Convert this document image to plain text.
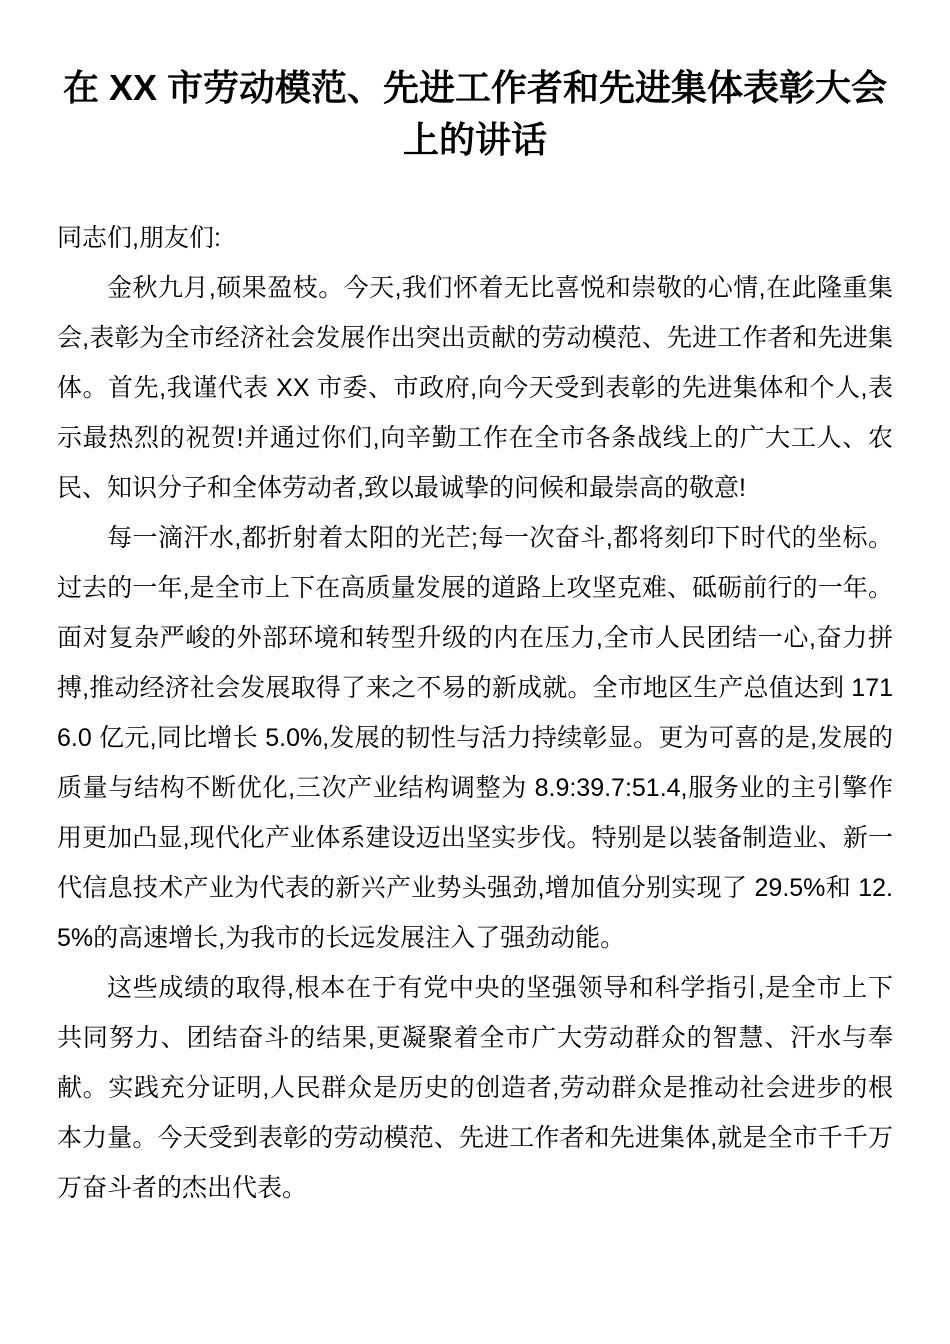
在 XX 市劳动模范、先进工作者和先进集体表彰大会上的讲话

同志们,朋友们:

金秋九月,硕果盈枝。今天,我们怀着无比喜悦和崇敬的心情,在此隆重集会,表彰为全市经济社会发展作出突出贡献的劳动模范、先进工作者和先进集体。首先,我谨代表 XX 市委、市政府,向今天受到表彰的先进集体和个人,表示最热烈的祝贺!并通过你们,向辛勤工作在全市各条战线上的广大工人、农民、知识分子和全体劳动者,致以最诚挚的问候和最崇高的敬意!

每一滴汗水,都折射着太阳的光芒;每一次奋斗,都将刻印下时代的坐标。过去的一年,是全市上下在高质量发展的道路上攻坚克难、砥砺前行的一年。面对复杂严峻的外部环境和转型升级的内在压力,全市人民团结一心,奋力拼搏,推动经济社会发展取得了来之不易的新成就。全市地区生产总值达到 1716.0 亿元,同比增长 5.0%,发展的韧性与活力持续彰显。更为可喜的是,发展的质量与结构不断优化,三次产业结构调整为 8.9:39.7:51.4,服务业的主引擎作用更加凸显,现代化产业体系建设迈出坚实步伐。特别是以装备制造业、新一代信息技术产业为代表的新兴产业势头强劲,增加值分别实现了 29.5%和 12.5%的高速增长,为我市的长远发展注入了强劲动能。

这些成绩的取得,根本在于有党中央的坚强领导和科学指引,是全市上下共同努力、团结奋斗的结果,更凝聚着全市广大劳动群众的智慧、汗水与奉献。实践充分证明,人民群众是历史的创造者,劳动群众是推动社会进步的根本力量。今天受到表彰的劳动模范、先进工作者和先进集体,就是全市千千万万奋斗者的杰出代表。
